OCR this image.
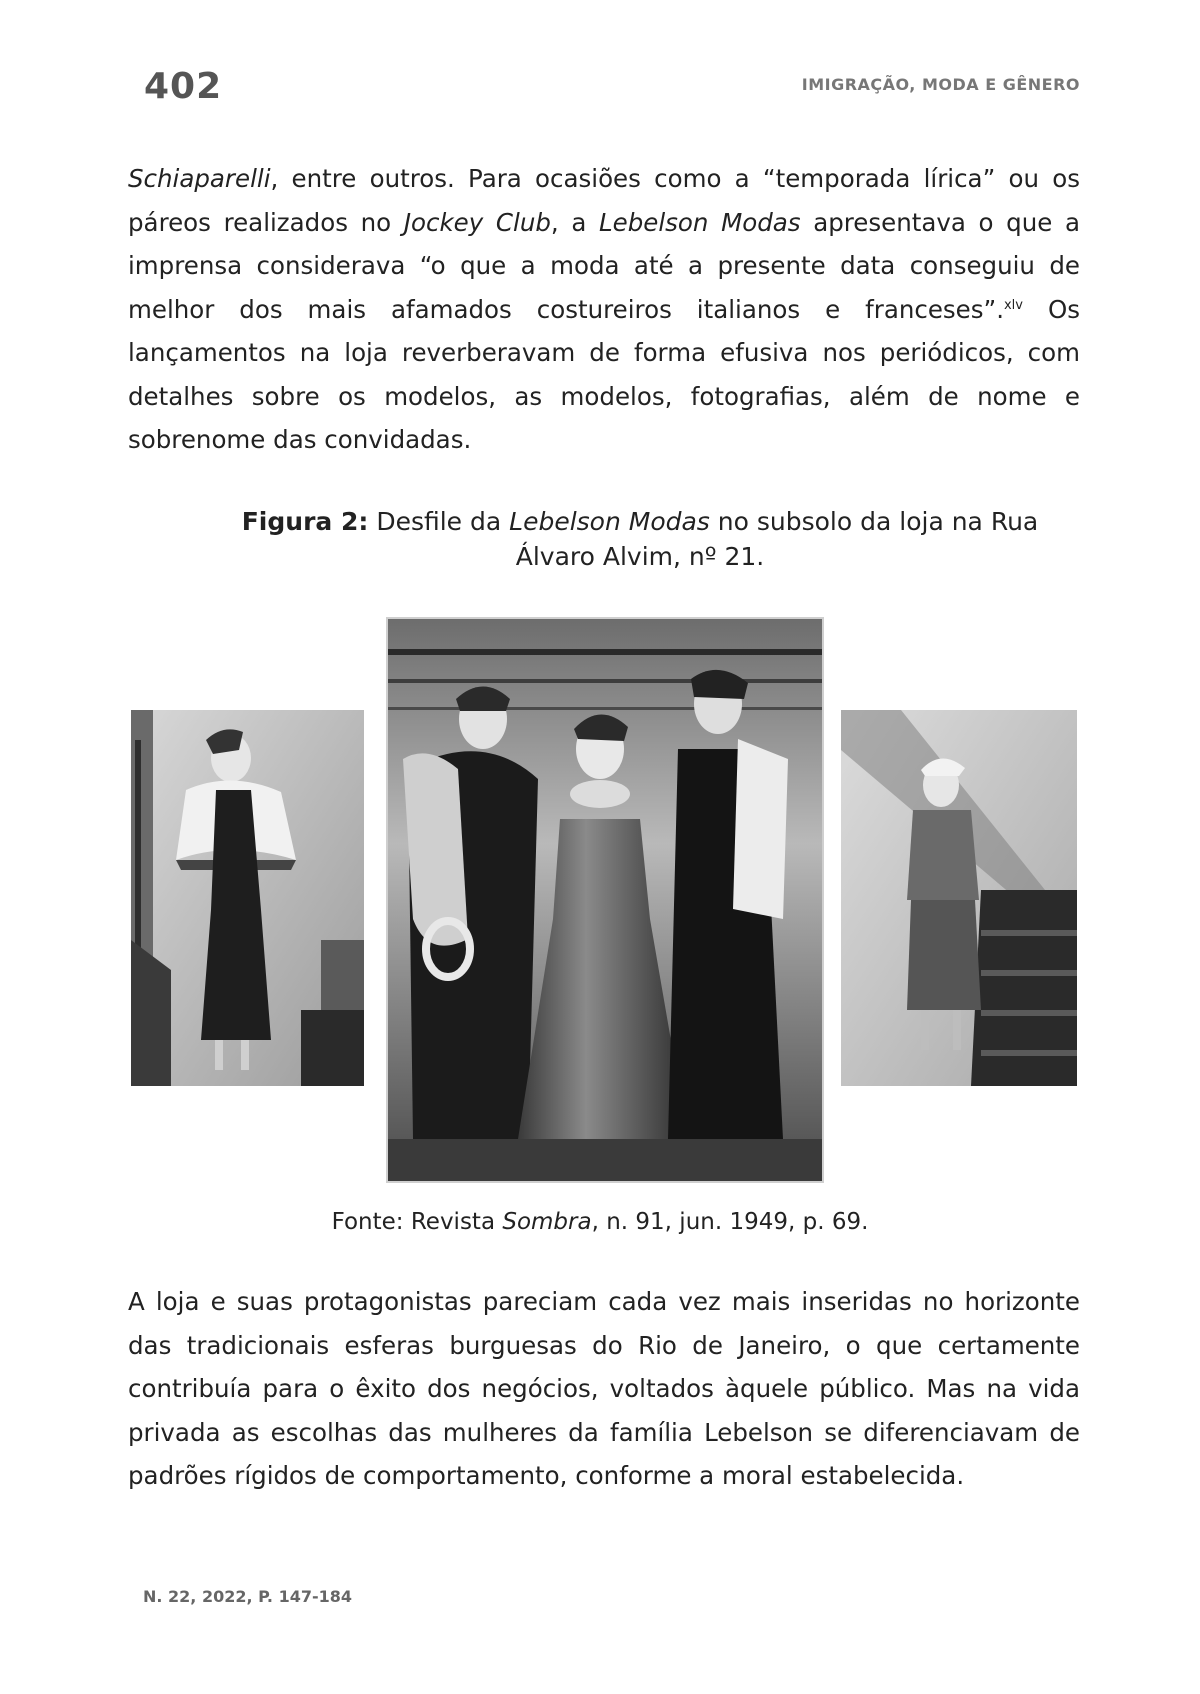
402	IMIGRAÇÃO, MODA E GÊNERO

Schiaparelli, entre outros. Para ocasiões como a “temporada lírica” ou os páreos realizados no Jockey Club, a Lebelson Modas apresentava o que a imprensa considerava “o que a moda até a presente data conseguiu de melhor dos mais afamados costureiros italianos e franceses”.$^{xlv}$ Os lançamentos na loja reverberavam de forma efusiva nos periódicos, com detalhes sobre os modelos, as modelos, fotografias, além de nome e sobrenome das convidadas.

Figura 2: Desfile da Lebelson Modas no subsolo da loja na Rua Álvaro Alvim, nº 21.

Fonte: Revista Sombra, n. 91, jun. 1949, p. 69.

A loja e suas protagonistas pareciam cada vez mais inseridas no horizonte das tradicionais esferas burguesas do Rio de Janeiro, o que certamente contribuía para o êxito dos negócios, voltados àquele público. Mas na vida privada as escolhas das mulheres da família Lebelson se diferenciavam de padrões rígidos de comportamento, conforme a moral estabelecida.

N. 22, 2022, P. 147-184
